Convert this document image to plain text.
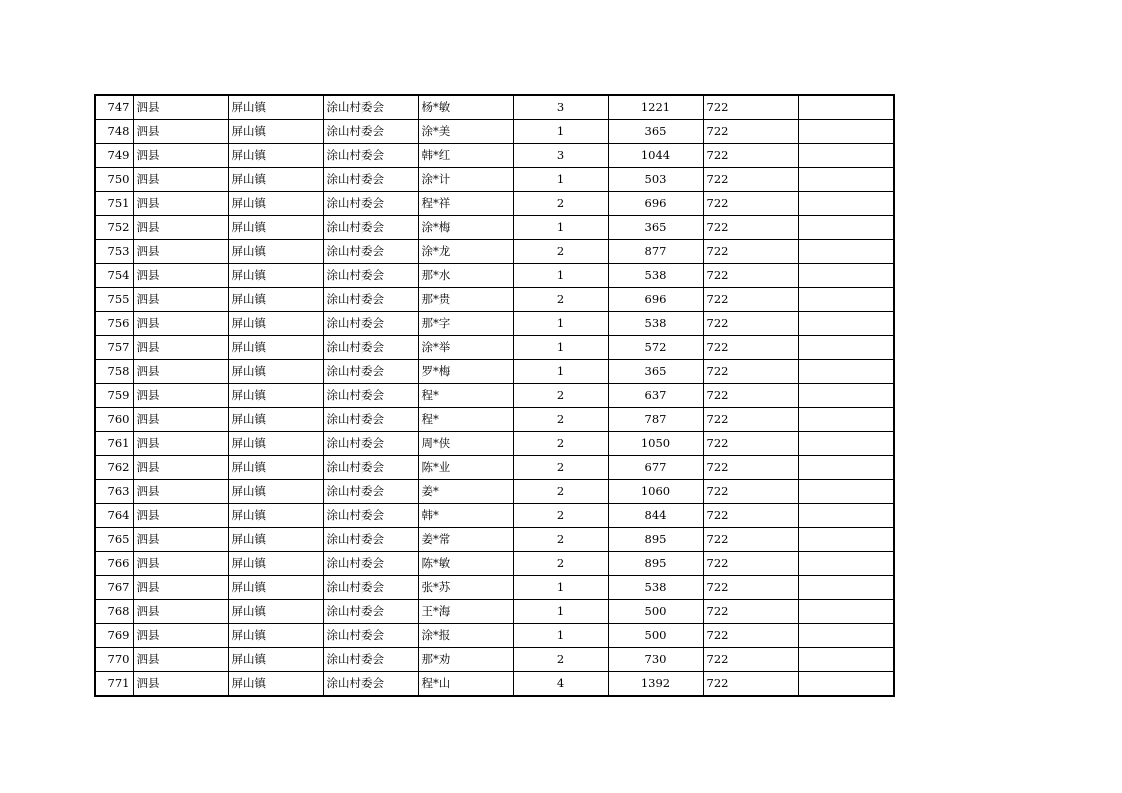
747	泗县	屏山镇	涂山村委会	杨*敏	3	1221	722	
748	泗县	屏山镇	涂山村委会	涂*美	1	365	722	
749	泗县	屏山镇	涂山村委会	韩*红	3	1044	722	
750	泗县	屏山镇	涂山村委会	涂*计	1	503	722	
751	泗县	屏山镇	涂山村委会	程*祥	2	696	722	
752	泗县	屏山镇	涂山村委会	涂*梅	1	365	722	
753	泗县	屏山镇	涂山村委会	涂*龙	2	877	722	
754	泗县	屏山镇	涂山村委会	那*水	1	538	722	
755	泗县	屏山镇	涂山村委会	那*贵	2	696	722	
756	泗县	屏山镇	涂山村委会	那*字	1	538	722	
757	泗县	屏山镇	涂山村委会	涂*举	1	572	722	
758	泗县	屏山镇	涂山村委会	罗*梅	1	365	722	
759	泗县	屏山镇	涂山村委会	程*	2	637	722	
760	泗县	屏山镇	涂山村委会	程*	2	787	722	
761	泗县	屏山镇	涂山村委会	周*侠	2	1050	722	
762	泗县	屏山镇	涂山村委会	陈*业	2	677	722	
763	泗县	屏山镇	涂山村委会	姜*	2	1060	722	
764	泗县	屏山镇	涂山村委会	韩*	2	844	722	
765	泗县	屏山镇	涂山村委会	姜*常	2	895	722	
766	泗县	屏山镇	涂山村委会	陈*敏	2	895	722	
767	泗县	屏山镇	涂山村委会	张*苏	1	538	722	
768	泗县	屏山镇	涂山村委会	王*海	1	500	722	
769	泗县	屏山镇	涂山村委会	涂*报	1	500	722	
770	泗县	屏山镇	涂山村委会	那*劝	2	730	722	
771	泗县	屏山镇	涂山村委会	程*山	4	1392	722	
